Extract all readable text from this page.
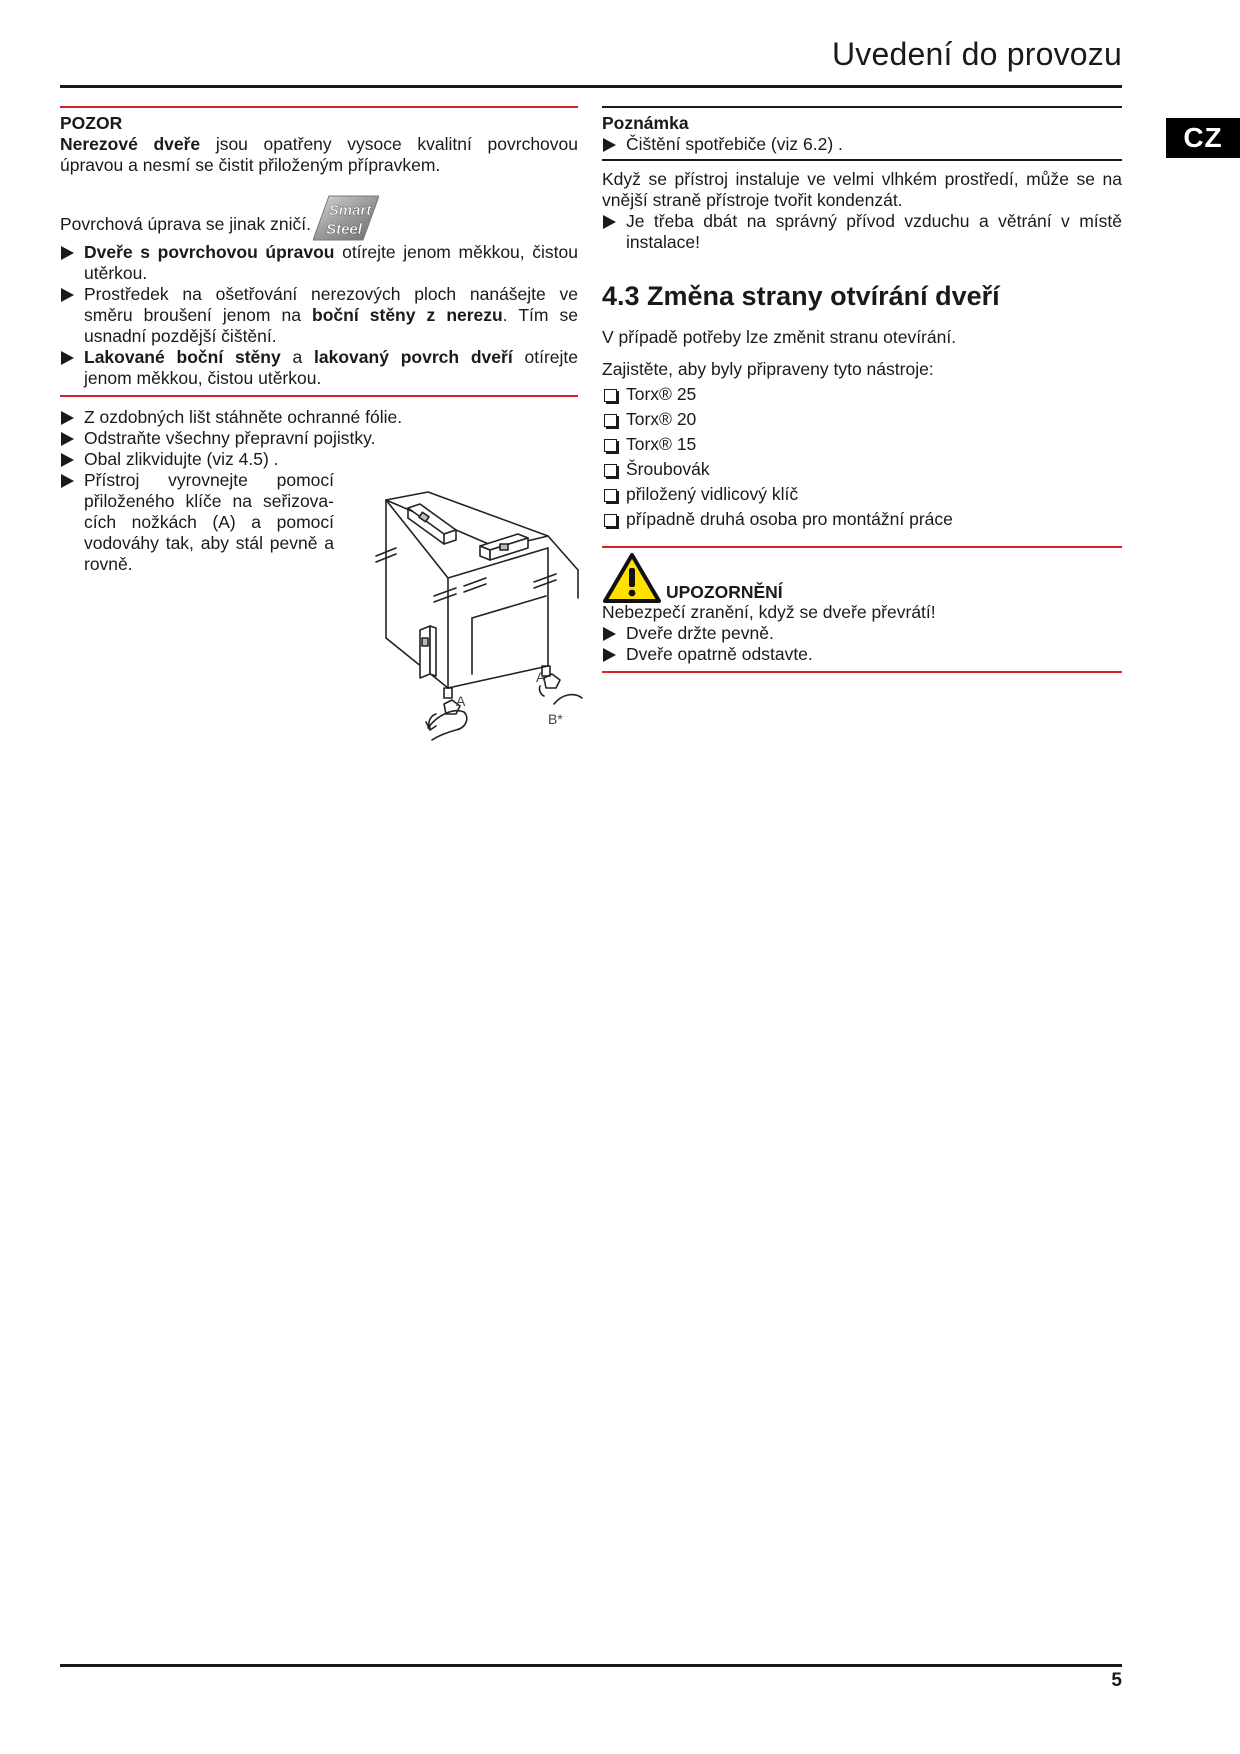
Uvedení do provozu
CZ
POZOR

Nerezové dveře jsou opatřeny vysoce kvalitní povrchovou úpravou a nesmí se čistit přiloženým přípravkem.

Povrchová úprava se jinak zničí.
Smart
Steel

Dveře s povrchovou úpravou otírejte jenom měkkou, čistou utěrkou.
Prostředek na ošetřování nerezových ploch nanášejte ve směru broušení jenom na boční stěny z nerezu. Tím se usnadní pozdější čištění.
Lakované boční stěny a lakovaný povrch dveří otírejte jenom měkkou, čistou utěrkou.
Z ozdobných lišt stáhněte ochranné fólie.
Odstraňte všechny přepravní pojistky.
Obal zlikvidujte (viz 4.5) .
Přístroj vyrovnejte pomocí přiloženého klíče na seřizova-cích nožkách (A) a pomocí vodováhy tak, aby stál pevně a rovně.
A
A
B*
Poznámka
Čištění spotřebiče (viz 6.2) .

Když se přístroj instaluje ve velmi vlhkém prostředí, může se na vnější straně přístroje tvořit kondenzát.

Je třeba dbát na správný přívod vzduchu a větrání v místě instalace!
4.3 Změna strany otvírání dveří

V případě potřeby lze změnit stranu otevírání.

Zajistěte, aby byly připraveny tyto nástroje:

Torx® 25
Torx® 20
Torx® 15
Šroubovák
přiložený vidlicový klíč
případně druhá osoba pro montážní práce
UPOZORNĚNÍ

Nebezpečí zranění, když se dveře převrátí!

Dveře držte pevně.
Dveře opatrně odstavte.
5
